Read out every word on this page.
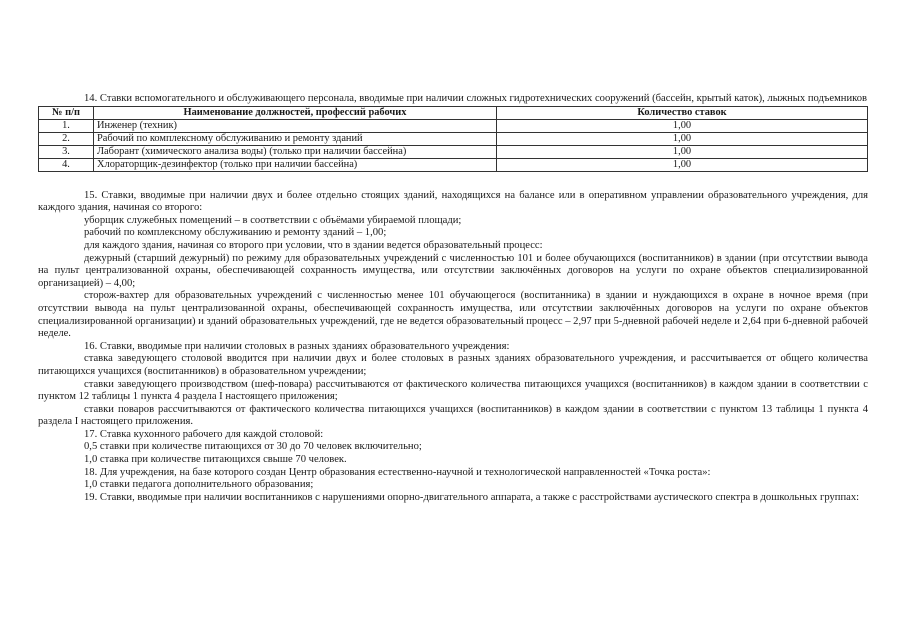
14. Ставки вспомогательного и обслуживающего персонала, вводимые при наличии сложных гидротехнических сооружений (бассейн, крытый каток), лыжных подъемников

№ п/п	Наименование должностей, профессий рабочих	Количество ставок
1.	Инженер (техник)	1,00
2.	Рабочий по комплексному обслуживанию и ремонту зданий	1,00
3.	Лаборант (химического анализа воды) (только при наличии бассейна)	1,00
4.	Хлораторщик-дезинфектор (только при наличии бассейна)	1,00

15. Ставки, вводимые при наличии двух и более отдельно стоящих зданий, находящихся на балансе или в оперативном управлении образовательного учреждения, для каждого здания, начиная со второго:

уборщик служебных помещений – в соответствии с объёмами убираемой площади;

рабочий по комплексному обслуживанию и ремонту зданий – 1,00;

для каждого здания, начиная со второго при условии, что в здании ведется образовательный процесс:

дежурный (старший дежурный) по режиму для образовательных учреждений с численностью 101 и более обучающихся (воспитанников) в здании (при отсутствии вывода на пульт централизованной охраны, обеспечивающей сохранность имущества, или отсутствии заключённых договоров на услуги по охране объектов специализированной организацией) – 4,00;

сторож-вахтер для образовательных учреждений с численностью менее 101 обучающегося (воспитанника) в здании и нуждающихся в охране в ночное время (при отсутствии вывода на пульт централизованной охраны, обеспечивающей сохранность имущества, или отсутствии заключённых договоров на услуги по охране объектов специализированной организации) и зданий образовательных учреждений, где не ведется образовательный процесс – 2,97 при 5-дневной рабочей неделе и 2,64 при 6-дневной рабочей неделе.

16. Ставки, вводимые при наличии столовых в разных зданиях образовательного учреждения:

ставка заведующего столовой вводится при наличии двух и более столовых в разных зданиях образовательного учреждения, и рассчитывается от общего количества питающихся учащихся (воспитанников) в образовательном учреждении;

ставки заведующего производством (шеф-повара) рассчитываются от фактического количества питающихся учащихся (воспитанников) в каждом здании в соответствии с пунктом 12 таблицы 1 пункта 4 раздела I настоящего приложения;

ставки поваров рассчитываются от фактического количества питающихся учащихся (воспитанников) в каждом здании в соответствии с пунктом 13 таблицы 1 пункта 4 раздела I настоящего приложения.

17. Ставка кухонного рабочего для каждой столовой:

0,5 ставки при количестве питающихся от 30 до 70 человек включительно;

1,0 ставка при количестве питающихся свыше 70 человек.

18. Для учреждения, на базе которого создан Центр образования естественно-научной и технологической направленностей «Точка роста»:

1,0 ставки педагога дополнительного образования;

19. Ставки, вводимые при наличии воспитанников с нарушениями опорно-двигательного аппарата, а также с расстройствами аустического спектра в дошкольных группах:
